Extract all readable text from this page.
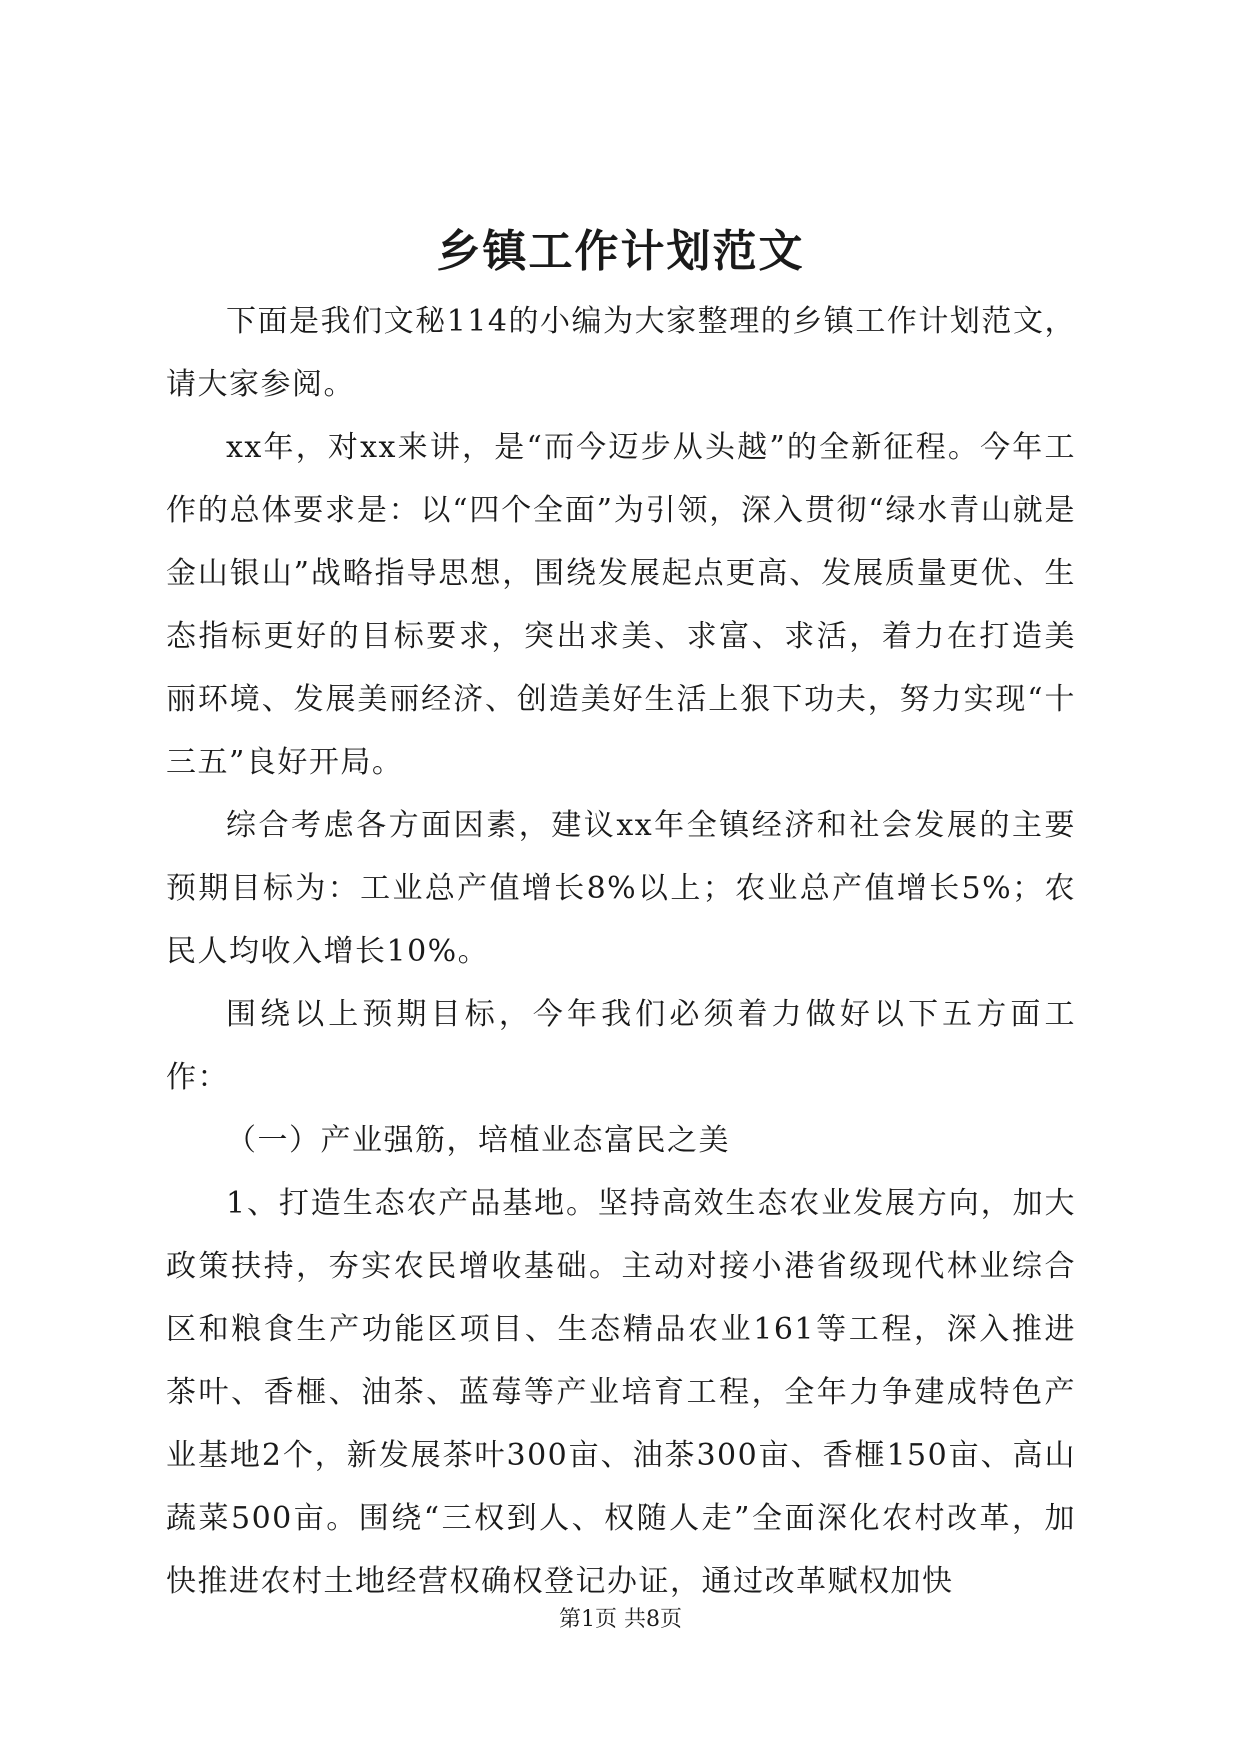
乡镇工作计划范文

下面是我们文秘114的小编为大家整理的乡镇工作计划范文，请大家参阅。

xx年，对xx来讲，是“而今迈步从头越”的全新征程。今年工作的总体要求是：以“四个全面”为引领，深入贯彻“绿水青山就是金山银山”战略指导思想，围绕发展起点更高、发展质量更优、生态指标更好的目标要求，突出求美、求富、求活，着力在打造美丽环境、发展美丽经济、创造美好生活上狠下功夫，努力实现“十三五”良好开局。

综合考虑各方面因素，建议xx年全镇经济和社会发展的主要预期目标为：工业总产值增长8%以上；农业总产值增长5%；农民人均收入增长10%。

围绕以上预期目标，今年我们必须着力做好以下五方面工作：

（一）产业强筋，培植业态富民之美

1、打造生态农产品基地。坚持高效生态农业发展方向，加大政策扶持，夯实农民增收基础。主动对接小港省级现代林业综合区和粮食生产功能区项目、生态精品农业161等工程，深入推进茶叶、香榧、油茶、蓝莓等产业培育工程，全年力争建成特色产业基地2个，新发展茶叶300亩、油茶300亩、香榧150亩、高山蔬菜500亩。围绕“三权到人、权随人走”全面深化农村改革，加快推进农村土地经营权确权登记办证，通过改革赋权加快

第1页 共8页
